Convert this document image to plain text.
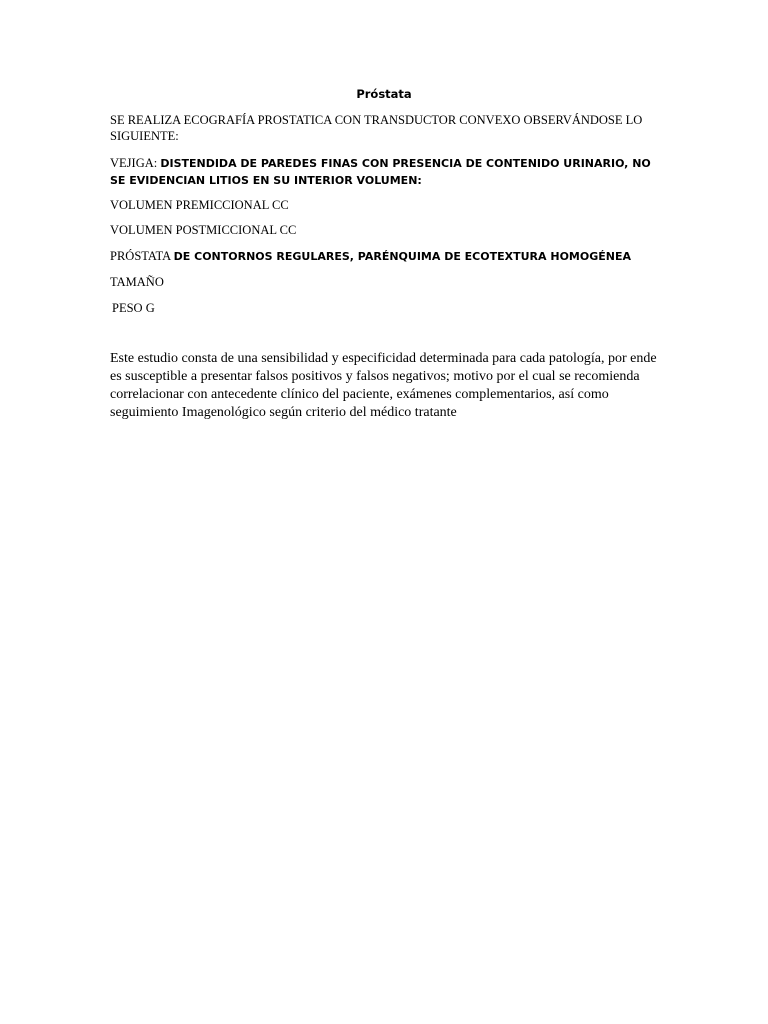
Próstata
SE REALIZA ECOGRAFÍA PROSTATICA CON TRANSDUCTOR CONVEXO OBSERVÁNDOSE LO SIGUIENTE:
VEJIGA: DISTENDIDA DE PAREDES FINAS CON PRESENCIA DE CONTENIDO URINARIO, NO SE EVIDENCIAN LITIOS EN SU INTERIOR VOLUMEN:
VOLUMEN PREMICCIONAL CC
VOLUMEN POSTMICCIONAL CC
PRÓSTATA DE CONTORNOS REGULARES, PARÉNQUIMA DE ECOTEXTURA HOMOGÉNEA
TAMAÑO
PESO G
Este estudio consta de una sensibilidad y especificidad determinada para cada patología, por ende es susceptible a presentar falsos positivos y falsos negativos; motivo por el cual se recomienda correlacionar con antecedente clínico del paciente, exámenes complementarios, así como seguimiento Imagenológico según criterio del médico tratante
